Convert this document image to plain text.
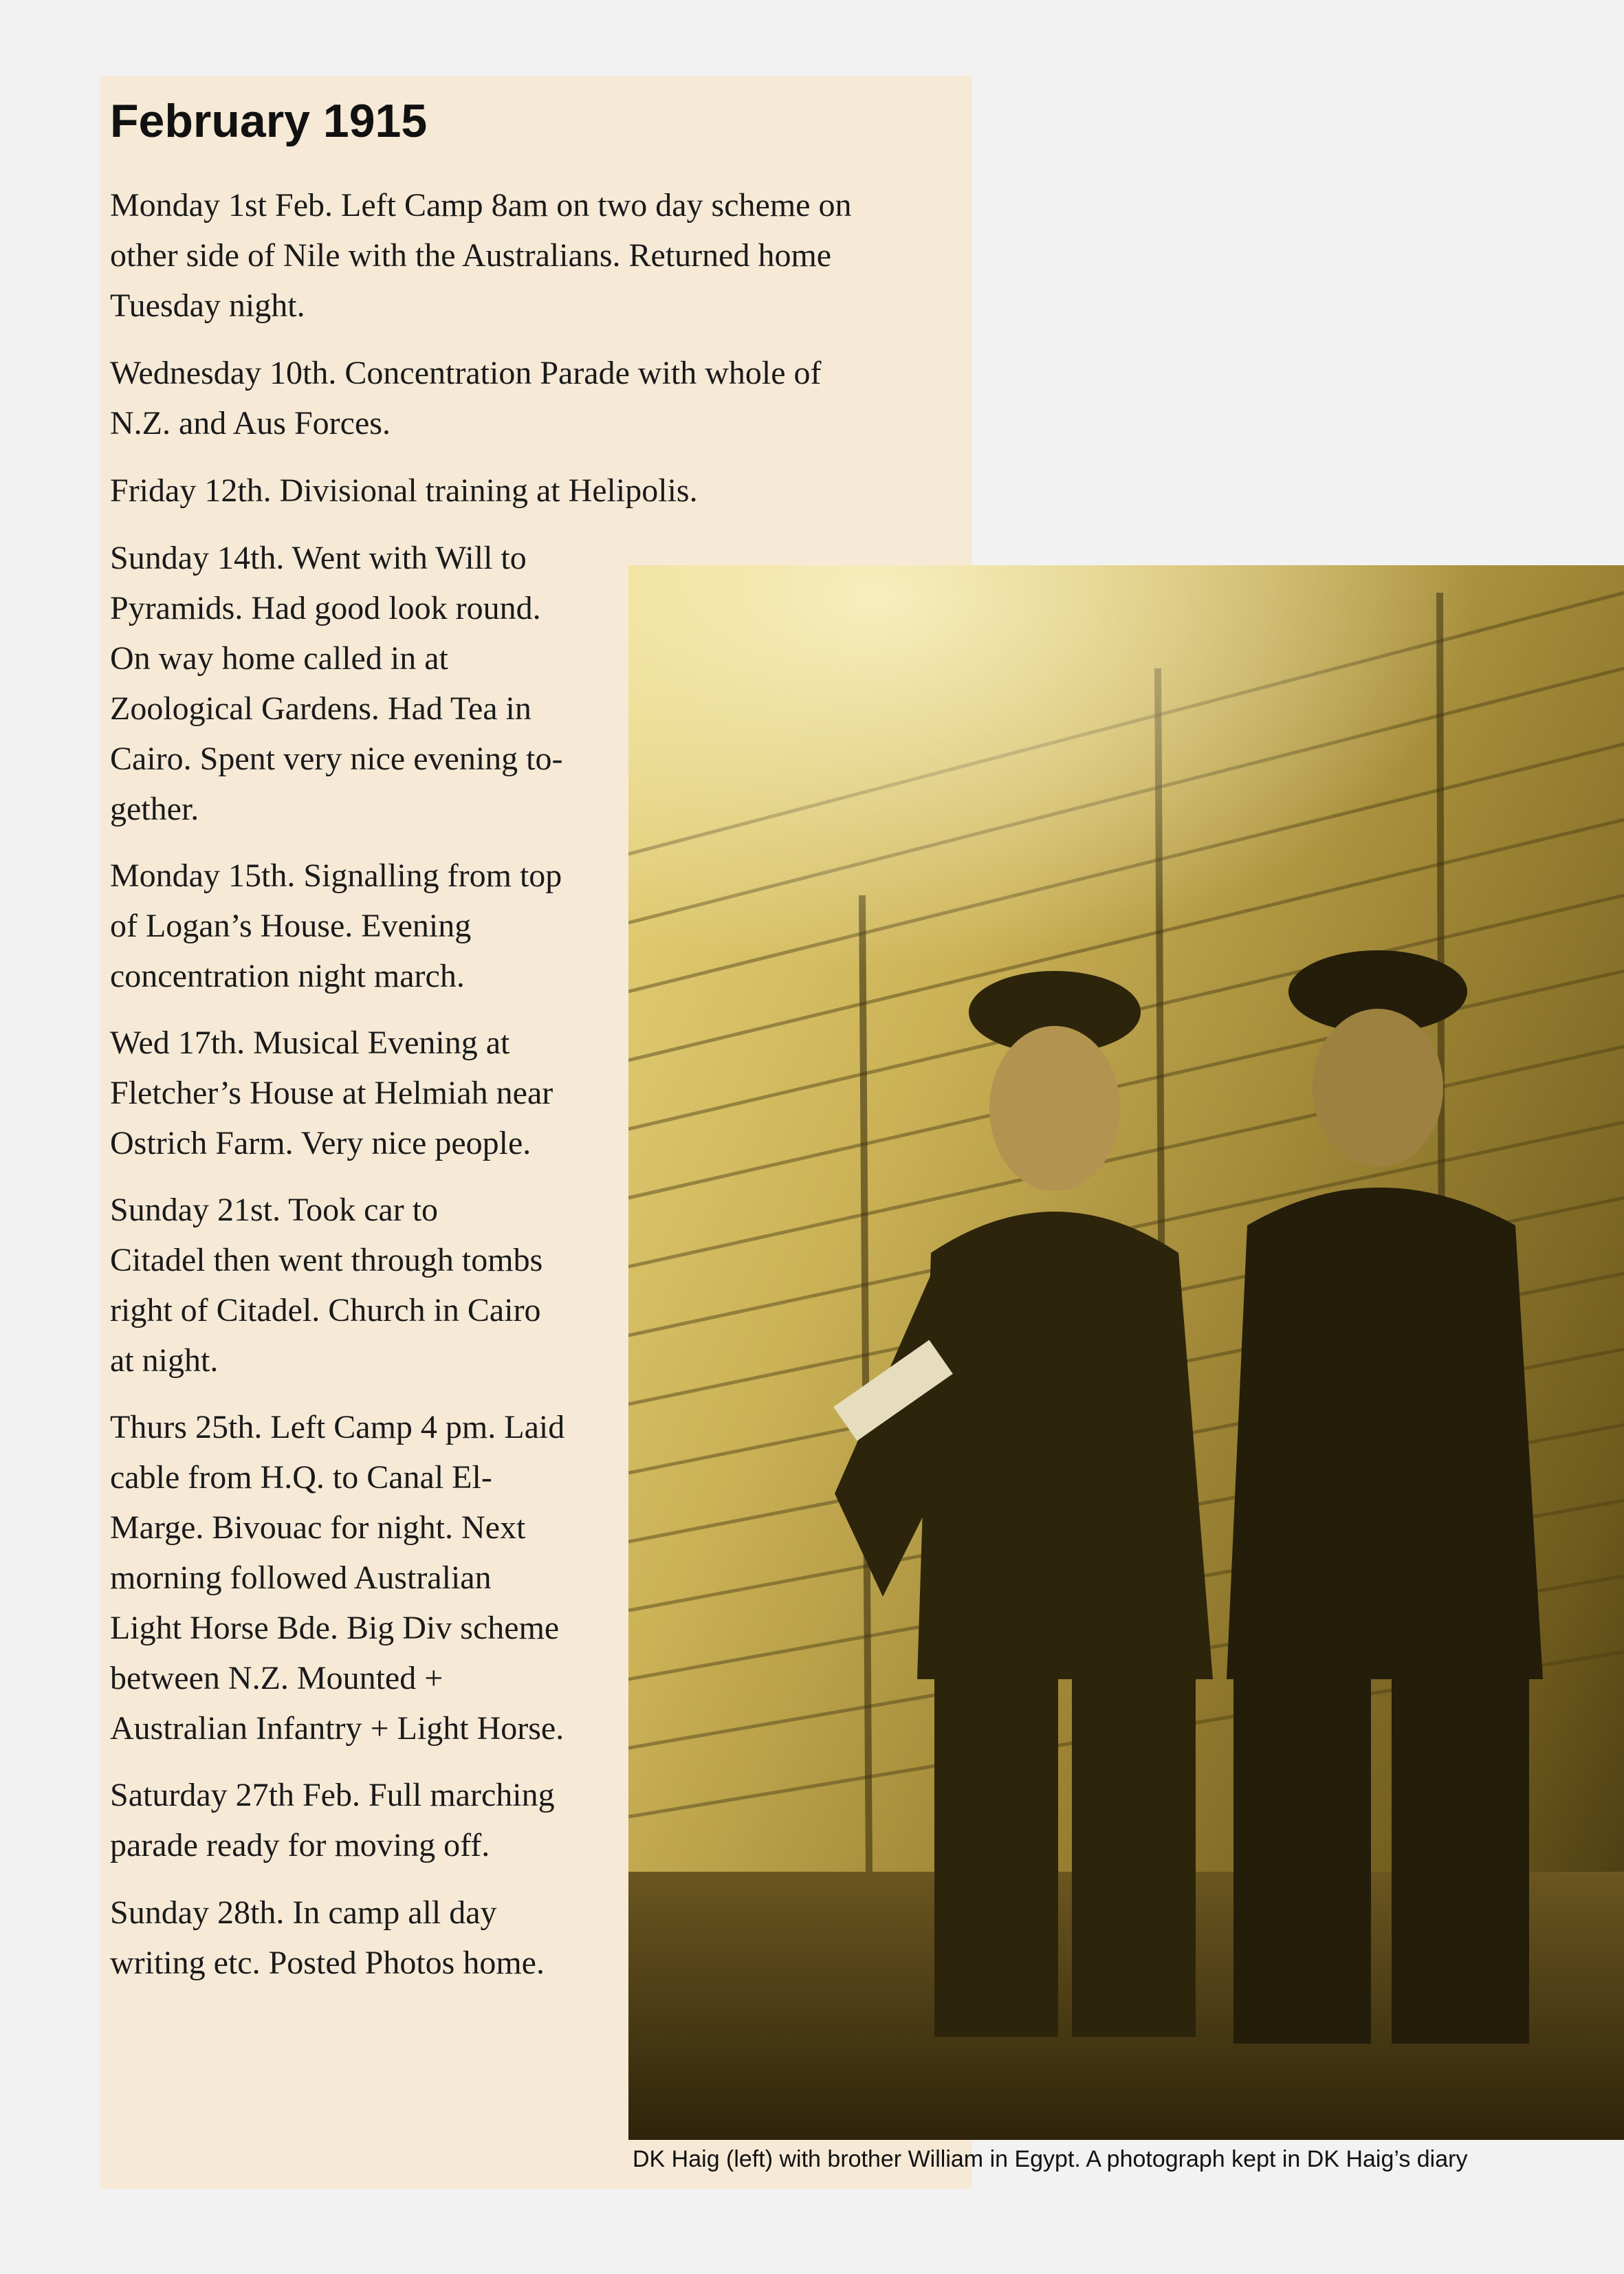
February 1915

Monday 1st Feb. Left Camp 8am on two day scheme on
other side of Nile with the Australians. Returned home
Tuesday night.

Wednesday 10th. Concentration Parade with whole of
N.Z. and Aus Forces.

Friday 12th. Divisional training at Helipolis.

Sunday 14th. Went with Will to
Pyramids. Had good look round.
On way home called in at
Zoological Gardens. Had Tea in
Cairo. Spent very nice evening to-
gether.

Monday 15th. Signalling from top
of Logan’s House. Evening
concentration night march.

Wed 17th. Musical Evening at
Fletcher’s House at Helmiah near
Ostrich Farm. Very nice people.

Sunday 21st. Took car to
Citadel then went through tombs
right of Citadel. Church in Cairo
at night.

Thurs 25th. Left Camp 4 pm. Laid
cable from H.Q. to Canal El-
Marge. Bivouac for night. Next
morning followed Australian
Light Horse Bde. Big Div scheme
between N.Z. Mounted +
Australian Infantry + Light Horse.

Saturday 27th Feb. Full marching
parade ready for moving off.

Sunday 28th. In camp all day
writing etc. Posted Photos home.

DK Haig (left) with brother William in Egypt. A photograph kept in DK Haig’s diary
